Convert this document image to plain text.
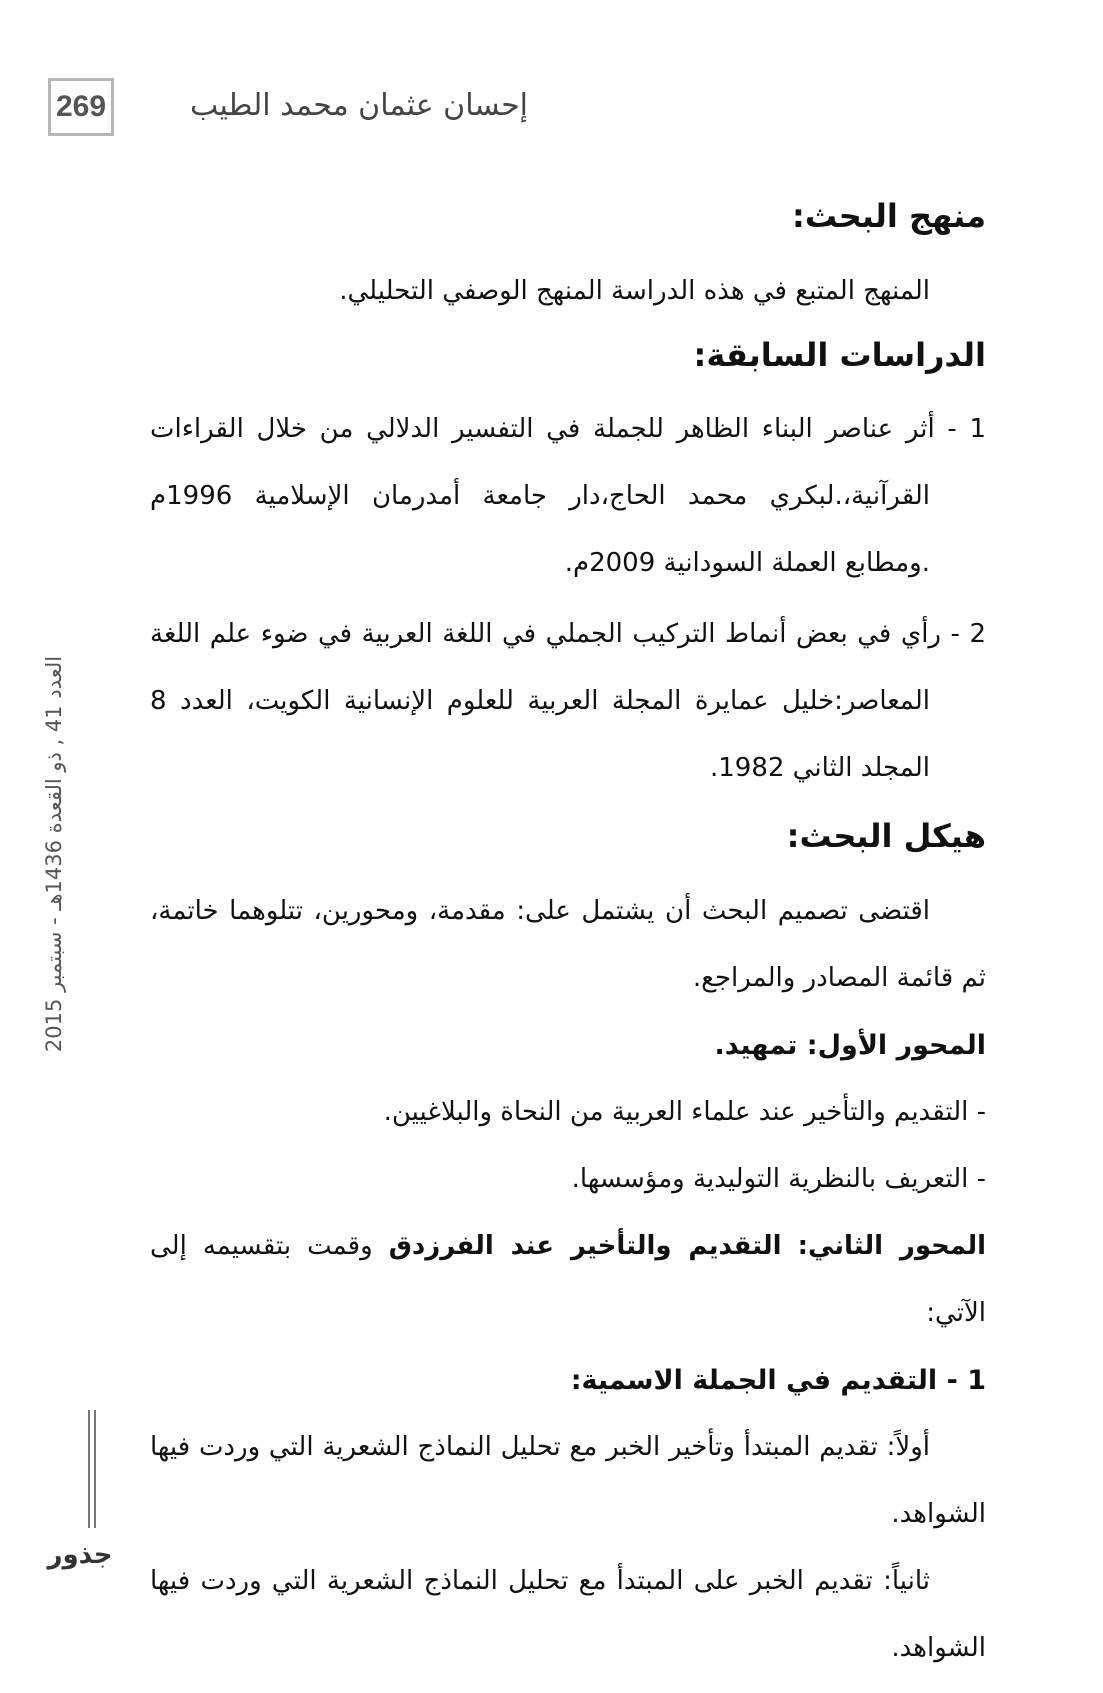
269	إحسان عثمان محمد الطيب
العدد 41 , ذو القعدة 1436هـ - سبتمبر 2015
جذور
منهج البحث:

المنهج المتبع في هذه الدراسة المنهج الوصفي التحليلي.

الدراسات السابقة:

1 - أثر عناصر البناء الظاهر للجملة في التفسير الدلالي من خلال القراءات القرآنية،.لبكري محمد الحاج،دار جامعة أمدرمان الإسلامية 1996م .ومطابع العملة السودانية 2009م.

2 - رأي في بعض أنماط التركيب الجملي في اللغة العربية في ضوء علم اللغة المعاصر:خليل عمايرة المجلة العربية للعلوم الإنسانية الكويت، العدد 8 المجلد الثاني 1982.

هيكل البحث:

اقتضى تصميم البحث أن يشتمل على: مقدمة، ومحورين، تتلوهما خاتمة، ثم قائمة المصادر والمراجع.

المحور الأول: تمهيد.

- التقديم والتأخير عند علماء العربية من النحاة والبلاغيين.

- التعريف بالنظرية التوليدية ومؤسسها.

المحور الثاني: التقديم والتأخير عند الفرزدق وقمت بتقسيمه إلى الآتي:

1 - التقديم في الجملة الاسمية:

أولاً: تقديم المبتدأ وتأخير الخبر مع تحليل النماذج الشعرية التي وردت فيها الشواهد.

ثانياً: تقديم الخبر على المبتدأ مع تحليل النماذج الشعرية التي وردت فيها الشواهد.
